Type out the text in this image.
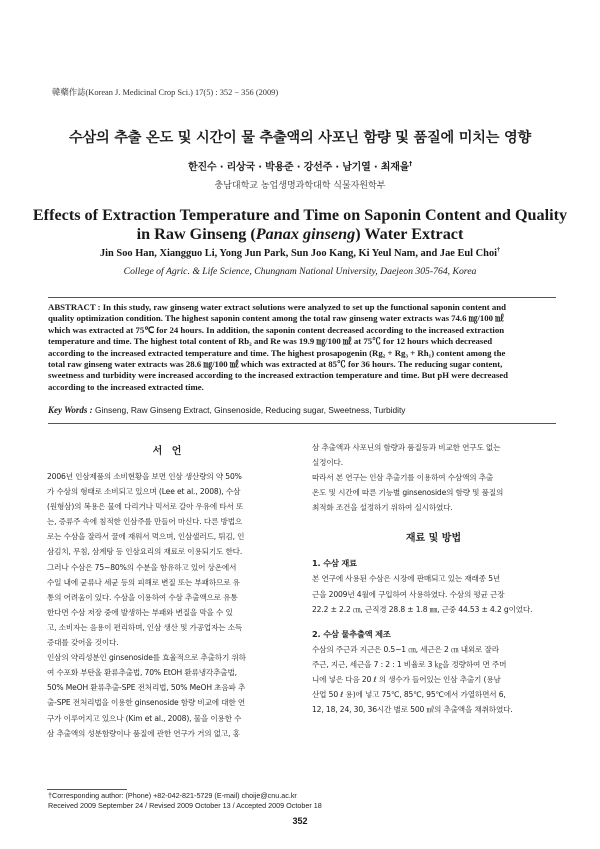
韓藥作誌(Korean J. Medicinal Crop Sci.) 17(5) : 352 − 356 (2009)
수삼의 추출 온도 및 시간이 물 추출액의 사포닌 함량 및 품질에 미치는 영향
한진수 · 리상국 · 박용준 · 강선주 · 남기열 · 최재을†
충남대학교 농업생명과학대학 식물자원학부
Effects of Extraction Temperature and Time on Saponin Content and Quality
in Raw Ginseng (Panax ginseng) Water Extract
Jin Soo Han, Xiangguo Li, Yong Jun Park, Sun Joo Kang, Ki Yeul Nam, and Jae Eul Choi†
College of Agric. & Life Science, Chungnam National University, Daejeon 305-764, Korea
ABSTRACT : In this study, raw ginseng water extract solutions were analyzed to set up the functional saponin content and
quality optimization condition. The highest saponin content among the total raw ginseng water extracts was 74.6 ㎎/100 ㎖
which was extracted at 75℃ for 24 hours. In addition, the saponin content decreased according to the increased extraction
temperature and time. The highest total content of Rb₂ and Re was 19.9 ㎎/100 ㎖ at 75℃ for 12 hours which decreased
according to the increased extracted temperature and time. The highest prosapogenin (Rg₂ + Rg₃ + Rh₁) content among the
total raw ginseng water extracts was 28.6 ㎎/100 ㎖ which was extracted at 85℃ for 36 hours. The reducing sugar content,
sweetness and turbidity were increased according to the increased extraction temperature and time. But pH were decreased
according to the increased extracted time.
Key Words : Ginseng, Raw Ginseng Extract, Ginsenoside, Reducing sugar, Sweetness, Turbidity
서 언
2006년 인삼제품의 소비현황을 보면 인삼 생산량의 약 50%
가 수삼의 형태로 소비되고 있으며 (Lee et al., 2008), 수삼
(원형삼)의 복용은 물에 다리거나 믹서로 갈아 우유에 타서 또
는, 증류주 속에 침적한 인삼주를 만들어 마신다. 다른 방법으
로는 수삼을 잘라서 꿀에 재워서 먹으며, 인삼샐러드, 튀김, 인
삼김치, 무침, 삼계탕 등 인삼요리의 재료로 이용되기도 한다.
그러나 수삼은 75~80%의 수분을 함유하고 있어 상온에서
수일 내에 균류나 세균 등의 피해로 변질 또는 부패하므로 유
통의 어려움이 있다. 수삼을 이용하여 수삼 추출액으로 유통
한다면 수삼 저장 중에 발생하는 부패와 변질을 막을 수 있
고, 소비자는 음용이 편리하며, 인삼 생산 및 가공업자는 소득
증대를 갖어올 것이다.
인삼의 약리성분인 ginsenoside를 효율적으로 추출하기 위하
여 수포화 부탄올 환류추출법, 70% EtOH 환류냉각추출법,
50% MeOH 환류추출-SPE 전처리법, 50% MeOH 초음파 추
출-SPE 전처리법을 이용한 ginsenoside 함량 비교에 대한 연
구가 이루어지고 있으나 (Kim et al., 2008), 물을 이용한 수
삼 추출액의 성분함량이나 품질에 관한 연구가 거의 없고, 홍
삼 추출액과 사포닌의 함량과 품질등과 비교한 연구도 없는
실정이다.
따라서 본 연구는 인삼 추출기를 이용하여 수삼액의 추출
온도 및 시간에 따른 기능별 ginsenoside의 함량 및 품질의
최적화 조건을 설정하기 위하여 실시하였다.
재료 및 방법
1. 수삼 재료
본 연구에 사용된 수삼은 시장에 판매되고 있는 재래종 5년
근을 2009년 4월에 구입하여 사용하였다. 수삼의 평균 근장
22.2 ± 2.2 ㎝, 근직경 28.8 ± 1.8 ㎜, 근중 44.53 ± 4.2 g이었다.
2. 수삼 물추출액 제조
수삼의 주근과 지근은 0.5~1 ㎝, 세근은 2 ㎝ 내외로 잘라
주근, 지근, 세근을 7 : 2 : 1 비율로 3 ㎏을 정량하여 면 주머
니에 넣은 다음 20 ℓ 의 생수가 들어있는 인삼 추출기 (용남
산업 50 ℓ 용)에 넣고 75℃, 85℃, 95℃에서 가열하면서 6,
12, 18, 24, 30, 36시간 별로 500 ㎖의 추출액을 채취하였다.
†Corresponding author: (Phone) +82-042-821-5729 (E-mail) choije@cnu.ac.kr
Received 2009 September 24 / Revised 2009 October 13 / Accepted 2009 October 18
352
